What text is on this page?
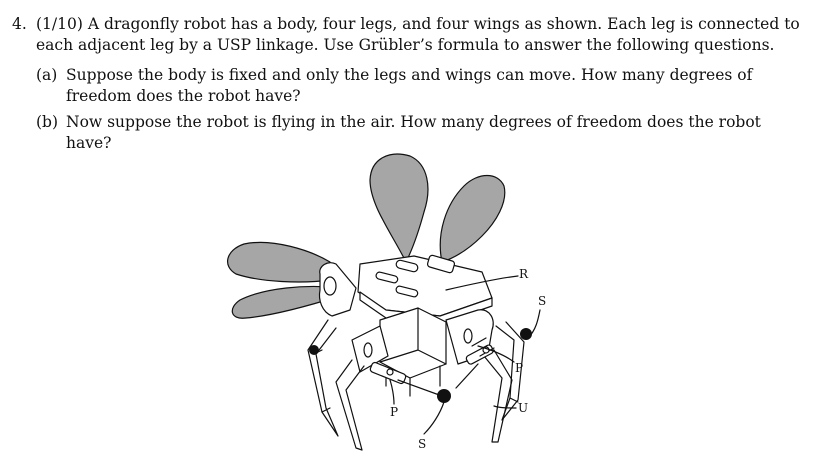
4. (1/10) A dragonfly robot has a body, four legs, and four wings as shown. Each leg is connected to each adjacent leg by a USP linkage. Use Grübler’s formula to answer the following questions.
(a) Suppose the body is fixed and only the legs and wings can move. How many degrees of freedom does the robot have?
(b) Now suppose the robot is flying in the air. How many degrees of freedom does the robot have?
R
S
P
U
P
S
